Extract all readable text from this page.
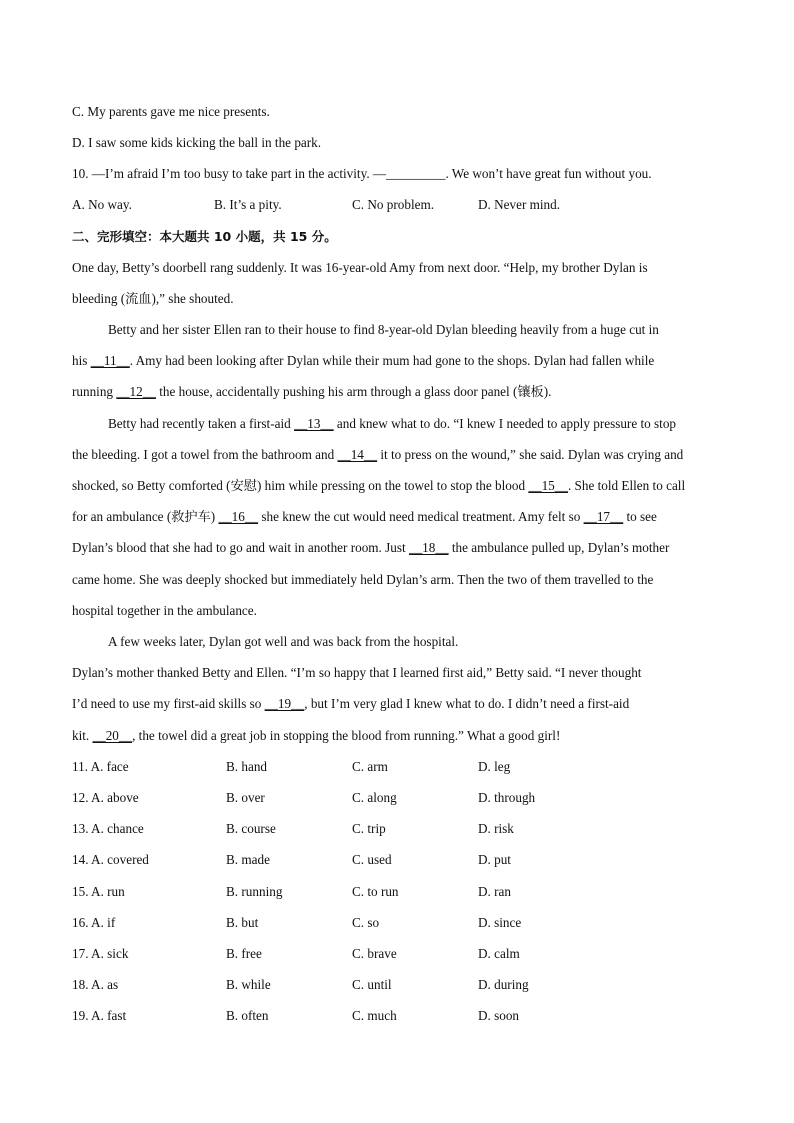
C. My parents gave me nice presents.
D. I saw some kids kicking the ball in the park.
10. —I’m afraid I’m too busy to take part in the activity. —_________. We won’t have great fun without you.
A. No way.	B. It’s a pity.	C. No problem.	D. Never mind.
二、完形填空：本大题共 10 小题，共 15 分。
One day, Betty’s doorbell rang suddenly. It was 16-year-old Amy from next door. “Help, my brother Dylan is
bleeding (流血),” she shouted.
Betty and her sister Ellen ran to their house to find 8-year-old Dylan bleeding heavily from a huge cut in
his __11__. Amy had been looking after Dylan while their mum had gone to the shops. Dylan had fallen while
running __12__ the house, accidentally pushing his arm through a glass door panel (镶板).
Betty had recently taken a first-aid __13__ and knew what to do. “I knew I needed to apply pressure to stop
the bleeding. I got a towel from the bathroom and __14__ it to press on the wound,” she said. Dylan was crying and
shocked, so Betty comforted (安慰) him while pressing on the towel to stop the blood __15__. She told Ellen to call
for an ambulance (救护车) __16__ she knew the cut would need medical treatment. Amy felt so __17__ to see
Dylan’s blood that she had to go and wait in another room. Just __18__ the ambulance pulled up, Dylan’s mother
came home. She was deeply shocked but immediately held Dylan’s arm. Then the two of them travelled to the
hospital together in the ambulance.
A few weeks later, Dylan got well and was back from the hospital.
Dylan’s mother thanked Betty and Ellen. “I’m so happy that I learned first aid,” Betty said. “I never thought
I’d need to use my first-aid skills so __19__, but I’m very glad I knew what to do. I didn’t need a first-aid
kit. __20__, the towel did a great job in stopping the blood from running.” What a good girl!
11. A. face	B. hand	C. arm	D. leg
12. A. above	B. over	C. along	D. through
13. A. chance	B. course	C. trip	D. risk
14. A. covered	B. made	C. used	D. put
15. A. run	B. running	C. to run	D. ran
16. A. if	B. but	C. so	D. since
17. A. sick	B. free	C. brave	D. calm
18. A. as	B. while	C. until	D. during
19. A. fast	B. often	C. much	D. soon
